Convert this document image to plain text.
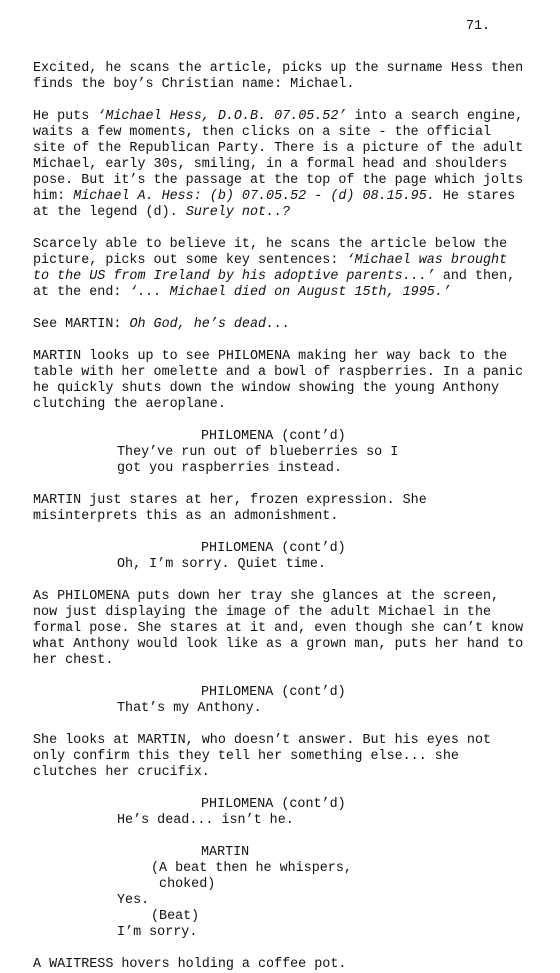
71.
Excited, he scans the article, picks up the surname Hess then
finds the boy’s Christian name: Michael.
He puts ‘Michael Hess, D.O.B. 07.05.52’ into a search engine,
waits a few moments, then clicks on a site - the official
site of the Republican Party. There is a picture of the adult
Michael, early 30s, smiling, in a formal head and shoulders
pose. But it’s the passage at the top of the page which jolts
him: Michael A. Hess: (b) 07.05.52 - (d) 08.15.95. He stares
at the legend (d). Surely not..?
Scarcely able to believe it, he scans the article below the
picture, picks out some key sentences: ‘Michael was brought
to the US from Ireland by his adoptive parents...’ and then,
at the end: ‘... Michael died on August 15th, 1995.’
See MARTIN: Oh God, he’s dead...
MARTIN looks up to see PHILOMENA making her way back to the
table with her omelette and a bowl of raspberries. In a panic
he quickly shuts down the window showing the young Anthony
clutching the aeroplane.
PHILOMENA (cont’d)
They’ve run out of blueberries so I
got you raspberries instead.
MARTIN just stares at her, frozen expression. She
misinterprets this as an admonishment.
PHILOMENA (cont’d)
Oh, I’m sorry. Quiet time.
As PHILOMENA puts down her tray she glances at the screen,
now just displaying the image of the adult Michael in the
formal pose. She stares at it and, even though she can’t know
what Anthony would look like as a grown man, puts her hand to
her chest.
PHILOMENA (cont’d)
That’s my Anthony.
She looks at MARTIN, who doesn’t answer. But his eyes not
only confirm this they tell her something else... she
clutches her crucifix.
PHILOMENA (cont’d)
He’s dead... isn’t he.
MARTIN
(A beat then he whispers,
choked)
Yes.
(Beat)
I’m sorry.
A WAITRESS hovers holding a coffee pot.
